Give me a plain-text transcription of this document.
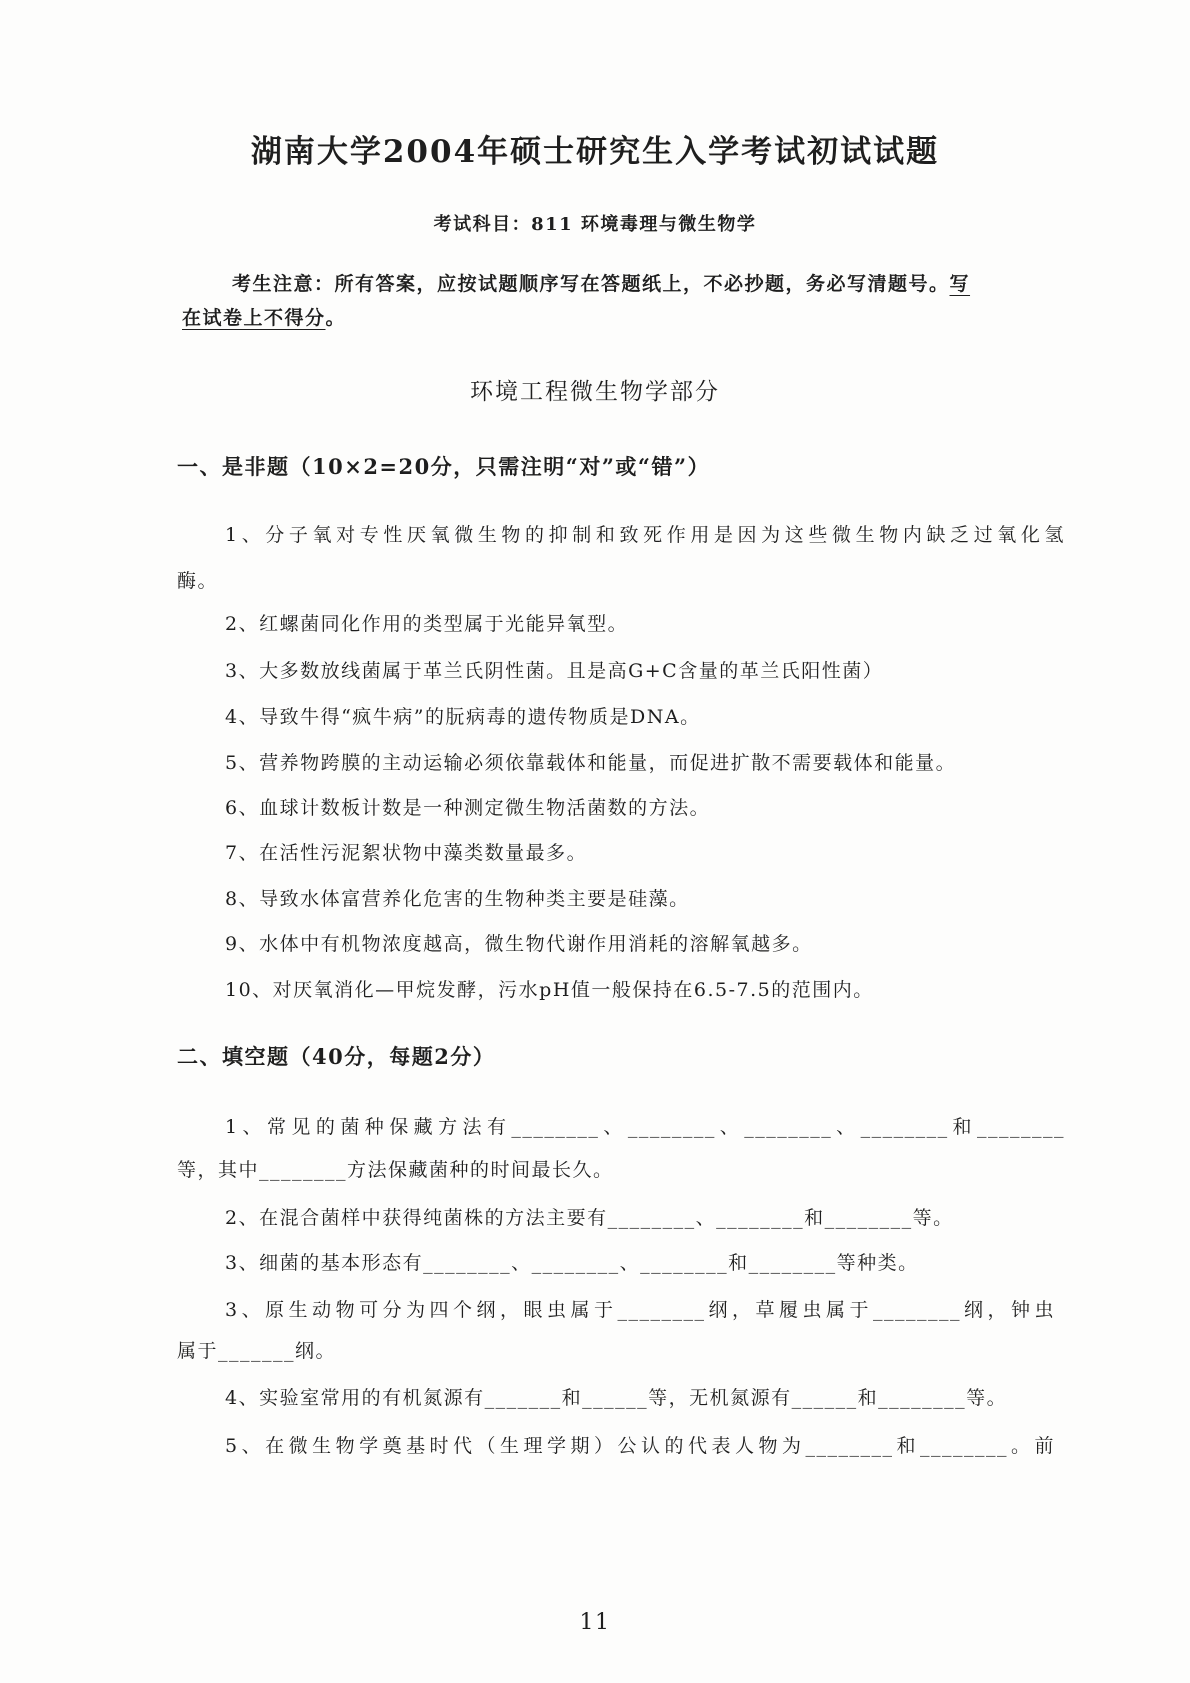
湖南大学2004年硕士研究生入学考试初试试题
考试科目：811 环境毒理与微生物学
考生注意：所有答案，应按试题顺序写在答题纸上，不必抄题，务必写清题号。写
在试卷上不得分。
环境工程微生物学部分
一、是非题（10×2=20分，只需注明“对”或“错”）
1、分子氧对专性厌氧微生物的抑制和致死作用是因为这些微生物内缺乏过氧化氢
酶。
2、红螺菌同化作用的类型属于光能异氧型。
3、大多数放线菌属于革兰氏阴性菌。且是高G+C含量的革兰氏阳性菌）
4、导致牛得“疯牛病”的朊病毒的遗传物质是DNA。
5、营养物跨膜的主动运输必须依靠载体和能量，而促进扩散不需要载体和能量。
6、血球计数板计数是一种测定微生物活菌数的方法。
7、在活性污泥絮状物中藻类数量最多。
8、导致水体富营养化危害的生物种类主要是硅藻。
9、水体中有机物浓度越高，微生物代谢作用消耗的溶解氧越多。
10、对厌氧消化—甲烷发酵，污水pH值一般保持在6.5-7.5的范围内。
二、填空题（40分，每题2分）
1、常见的菌种保藏方法有________、________、________、________和________
等，其中________方法保藏菌种的时间最长久。
2、在混合菌样中获得纯菌株的方法主要有________、________和________等。
3、细菌的基本形态有________、________、________和________等种类。
3、原生动物可分为四个纲，眼虫属于________纲，草履虫属于________纲，钟虫
属于_______纲。
4、实验室常用的有机氮源有_______和______等，无机氮源有______和________等。
5、在微生物学奠基时代（生理学期）公认的代表人物为________和________。前
11
